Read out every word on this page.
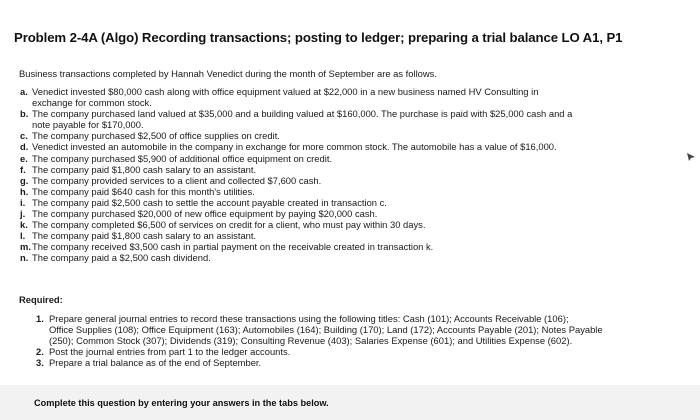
Problem 2-4A (Algo) Recording transactions; posting to ledger; preparing a trial balance LO A1, P1
Business transactions completed by Hannah Venedict during the month of September are as follows.
a. Venedict invested $80,000 cash along with office equipment valued at $22,000 in a new business named HV Consulting in
exchange for common stock.
b. The company purchased land valued at $35,000 and a building valued at $160,000. The purchase is paid with $25,000 cash and a
note payable for $170,000.
c. The company purchased $2,500 of office supplies on credit.
d. Venedict invested an automobile in the company in exchange for more common stock. The automobile has a value of $16,000.
e. The company purchased $5,900 of additional office equipment on credit.
f. The company paid $1,800 cash salary to an assistant.
g. The company provided services to a client and collected $7,600 cash.
h. The company paid $640 cash for this month's utilities.
i. The company paid $2,500 cash to settle the account payable created in transaction c.
j. The company purchased $20,000 of new office equipment by paying $20,000 cash.
k. The company completed $6,500 of services on credit for a client, who must pay within 30 days.
l. The company paid $1,800 cash salary to an assistant.
m. The company received $3,500 cash in partial payment on the receivable created in transaction k.
n. The company paid a $2,500 cash dividend.
Required:
1. Prepare general journal entries to record these transactions using the following titles: Cash (101); Accounts Receivable (106);
Office Supplies (108); Office Equipment (163); Automobiles (164); Building (170); Land (172); Accounts Payable (201); Notes Payable
(250); Common Stock (307); Dividends (319); Consulting Revenue (403); Salaries Expense (601); and Utilities Expense (602).
2. Post the journal entries from part 1 to the ledger accounts.
3. Prepare a trial balance as of the end of September.
Complete this question by entering your answers in the tabs below.
